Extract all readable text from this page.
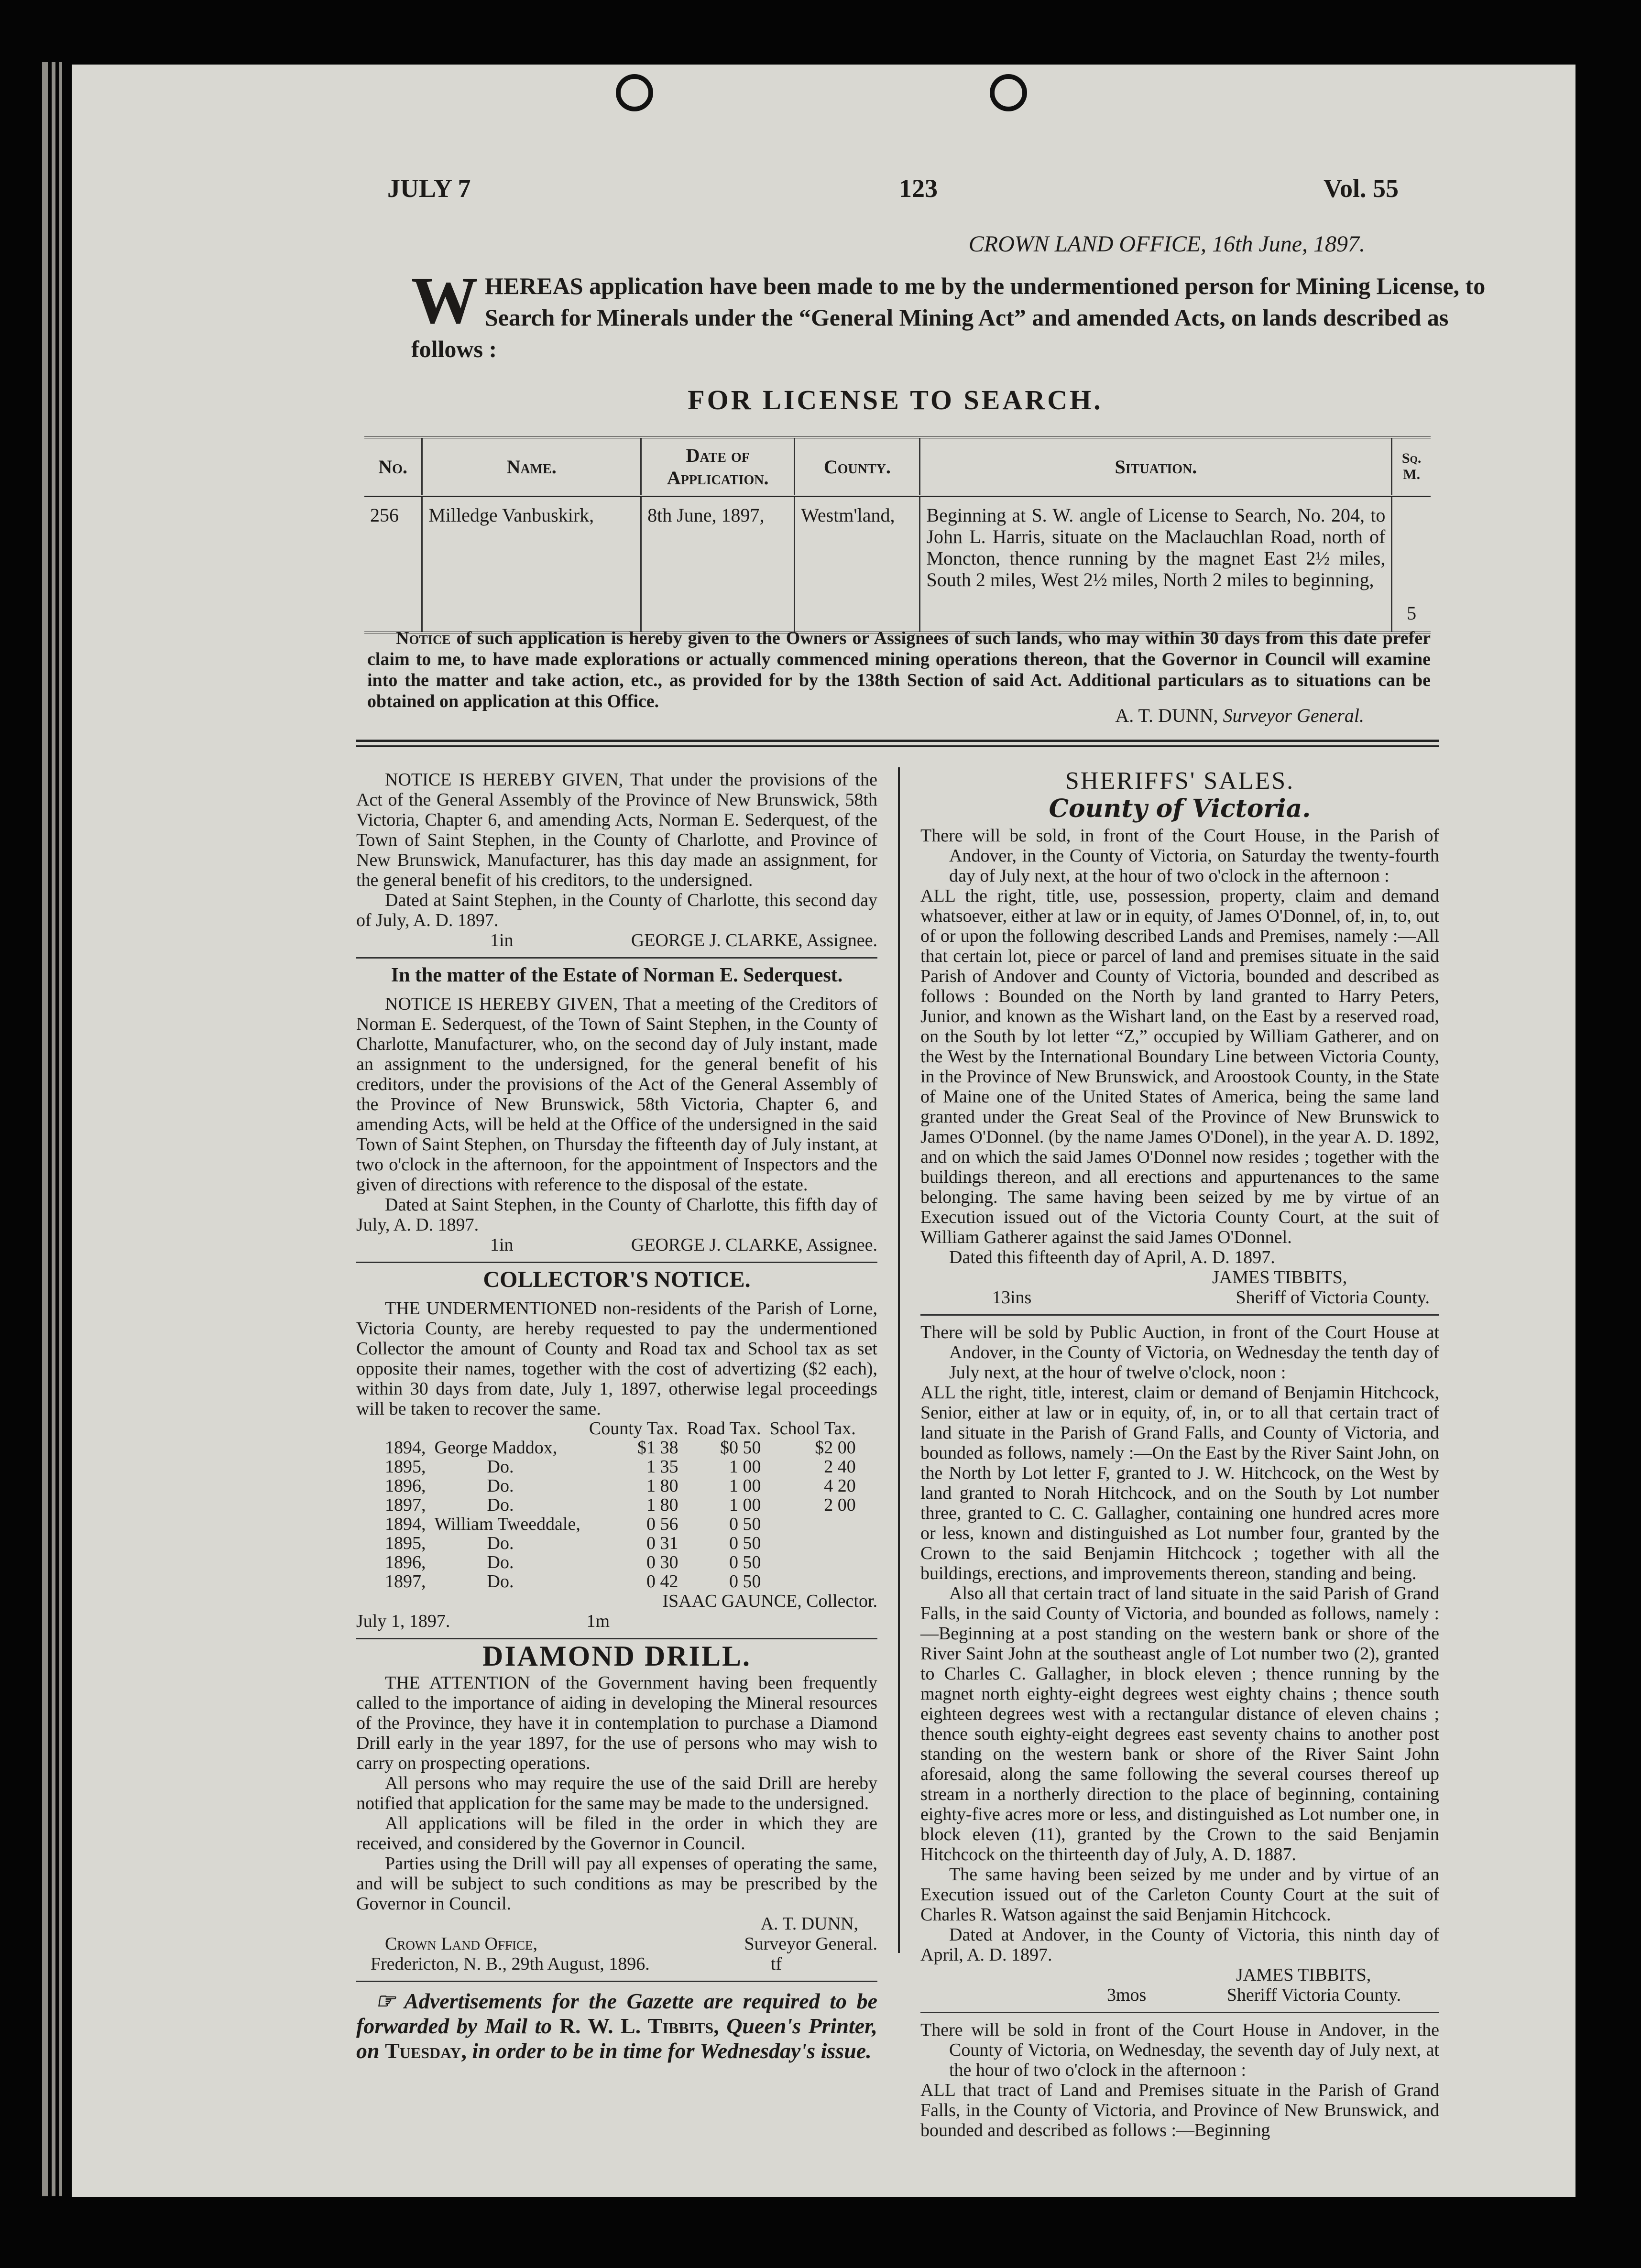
JULY 7	123	Vol. 55
CROWN LAND OFFICE, 16th June, 1897.
W HEREAS application have been made to me by the undermentioned person for Mining License, to Search for Minerals under the “General Mining Act” and amended Acts, on lands described as follows :
FOR LICENSE TO SEARCH.
No.	Name.	Date of Application.	County.	Situation.	Sq. M.
256	Milledge Vanbuskirk,	8th June, 1897,	Westm'land,	Beginning at S. W. angle of License to Search, No. 204, to John L. Harris, situate on the Maclauchlan Road, north of Moncton, thence running by the magnet East 2½ miles, South 2 miles, West 2½ miles, North 2 miles to beginning,	5
Notice of such application is hereby given to the Owners or Assignees of such lands, who may within 30 days from this date prefer claim to me, to have made explorations or actually commenced mining operations thereon, that the Governor in Council will examine into the matter and take action, etc., as provided for by the 138th Section of said Act. Additional particulars as to situations can be obtained on application at this Office.
A. T. DUNN, Surveyor General.

NOTICE IS HEREBY GIVEN, That under the provisions of the Act of the General Assembly of the Province of New Brunswick, 58th Victoria, Chapter 6, and amending Acts, Norman E. Sederquest, of the Town of Saint Stephen, in the County of Charlotte, and Province of New Brunswick, Manufacturer, has this day made an assignment, for the general benefit of his creditors, to the undersigned.

Dated at Saint Stephen, in the County of Charlotte, this second day of July, A. D. 1897.

1in	GEORGE J. CLARKE, Assignee.

In the matter of the Estate of Norman E. Sederquest.

NOTICE IS HEREBY GIVEN, That a meeting of the Creditors of Norman E. Sederquest, of the Town of Saint Stephen, in the County of Charlotte, Manufacturer, who, on the second day of July instant, made an assignment to the undersigned, for the general benefit of his creditors, under the provisions of the Act of the General Assembly of the Province of New Brunswick, 58th Victoria, Chapter 6, and amending Acts, will be held at the Office of the undersigned in the said Town of Saint Stephen, on Thursday the fifteenth day of July instant, at two o'clock in the afternoon, for the appointment of Inspectors and the given of directions with reference to the disposal of the estate.

Dated at Saint Stephen, in the County of Charlotte, this fifth day of July, A. D. 1897.

1in	GEORGE J. CLARKE, Assignee.

COLLECTOR'S NOTICE.

THE UNDERMENTIONED non-residents of the Parish of Lorne, Victoria County, are hereby requested to pay the undermentioned Collector the amount of County and Road tax and School tax as set opposite their names, together with the cost of advertizing ($2 each), within 30 days from date, July 1, 1897, otherwise legal proceedings will be taken to recover the same.

		County Tax.	Road Tax.	School Tax.
1894,	George Maddox,	$1 38	$0 50	$2 00
1895,	Do.	1 35	1 00	2 40
1896,	Do.	1 80	1 00	4 20
1897,	Do.	1 80	1 00	2 00
1894,	William Tweeddale,	0 56	0 50	
1895,	Do.	0 31	0 50	
1896,	Do.	0 30	0 50	
1897,	Do.	0 42	0 50	

ISAAC GAUNCE, Collector.

July 1, 1897.	1m

DIAMOND DRILL.

THE ATTENTION of the Government having been frequently called to the importance of aiding in developing the Mineral resources of the Province, they have it in contemplation to purchase a Diamond Drill early in the year 1897, for the use of persons who may wish to carry on prospecting operations.

All persons who may require the use of the said Drill are hereby notified that application for the same may be made to the undersigned.

All applications will be filed in the order in which they are received, and considered by the Governor in Council.

Parties using the Drill will pay all expenses of operating the same, and will be subject to such conditions as may be prescribed by the Governor in Council.

A. T. DUNN,

Crown Land Office,	Surveyor General.
Fredericton, N. B., 29th August, 1896.	tf

☞ Advertisements for the Gazette are required to be forwarded by Mail to R. W. L. Tibbits, Queen's Printer, on Tuesday, in order to be in time for Wednesday's issue.

SHERIFFS' SALES.

County of Victoria.

There will be sold, in front of the Court House, in the Parish of Andover, in the County of Victoria, on Saturday the twenty-fourth day of July next, at the hour of two o'clock in the afternoon :

ALL the right, title, use, possession, property, claim and demand whatsoever, either at law or in equity, of James O'Donnel, of, in, to, out of or upon the following described Lands and Premises, namely :—All that certain lot, piece or parcel of land and premises situate in the said Parish of Andover and County of Victoria, bounded and described as follows : Bounded on the North by land granted to Harry Peters, Junior, and known as the Wishart land, on the East by a reserved road, on the South by lot letter “Z,” occupied by William Gatherer, and on the West by the International Boundary Line between Victoria County, in the Province of New Brunswick, and Aroostook County, in the State of Maine one of the United States of America, being the same land granted under the Great Seal of the Province of New Brunswick to James O'Donnel. (by the name James O'Donel), in the year A. D. 1892, and on which the said James O'Donnel now resides ; together with the buildings thereon, and all erections and appurtenances to the same belonging. The same having been seized by me by virtue of an Execution issued out of the Victoria County Court, at the suit of William Gatherer against the said James O'Donnel.

Dated this fifteenth day of April, A. D. 1897.

JAMES TIBBITS,

13ins	Sheriff of Victoria County.

There will be sold by Public Auction, in front of the Court House at Andover, in the County of Victoria, on Wednesday the tenth day of July next, at the hour of twelve o'clock, noon :

ALL the right, title, interest, claim or demand of Benjamin Hitchcock, Senior, either at law or in equity, of, in, or to all that certain tract of land situate in the Parish of Grand Falls, and County of Victoria, and bounded as follows, namely :—On the East by the River Saint John, on the North by Lot letter F, granted to J. W. Hitchcock, on the West by land granted to Norah Hitchcock, and on the South by Lot number three, granted to C. C. Gallagher, containing one hundred acres more or less, known and distinguished as Lot number four, granted by the Crown to the said Benjamin Hitchcock ; together with all the buildings, erections, and improvements thereon, standing and being.

Also all that certain tract of land situate in the said Parish of Grand Falls, in the said County of Victoria, and bounded as follows, namely :—Beginning at a post standing on the western bank or shore of the River Saint John at the southeast angle of Lot number two (2), granted to Charles C. Gallagher, in block eleven ; thence running by the magnet north eighty-eight degrees west eighty chains ; thence south eighteen degrees west with a rectangular distance of eleven chains ; thence south eighty-eight degrees east seventy chains to another post standing on the western bank or shore of the River Saint John aforesaid, along the same following the several courses thereof up stream in a northerly direction to the place of beginning, containing eighty-five acres more or less, and distinguished as Lot number one, in block eleven (11), granted by the Crown to the said Benjamin Hitchcock on the thirteenth day of July, A. D. 1887.

The same having been seized by me under and by virtue of an Execution issued out of the Carleton County Court at the suit of Charles R. Watson against the said Benjamin Hitchcock.

Dated at Andover, in the County of Victoria, this ninth day of April, A. D. 1897.

JAMES TIBBITS,

3mos	Sheriff Victoria County.

There will be sold in front of the Court House in Andover, in the County of Victoria, on Wednesday, the seventh day of July next, at the hour of two o'clock in the afternoon :

ALL that tract of Land and Premises situate in the Parish of Grand Falls, in the County of Victoria, and Province of New Brunswick, and bounded and described as follows :—Beginning
